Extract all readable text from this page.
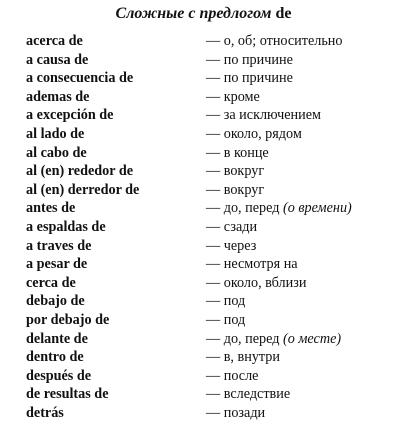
Сложные с предлогом de
acerca de	— о, об; относительно
a causa de	— по причине
a consecuencia de	— по причине
ademas de	— кроме
a excepción de	— за исключением
al lado de	— около, рядом
al cabo de	— в конце
al (en) rededor de	— вокруг
al (en) derredor de	— вокруг
antes de	— до, перед (о времени)
a espaldas de	— сзади
a traves de	— через
a pesar de	— несмотря на
cerca de	— около, вблизи
debajo de	— под
por debajo de	— под
delante de	— до, перед (о месте)
dentro de	— в, внутри
después de	— после
de resultas de	— вследствие
detrás	— позади
